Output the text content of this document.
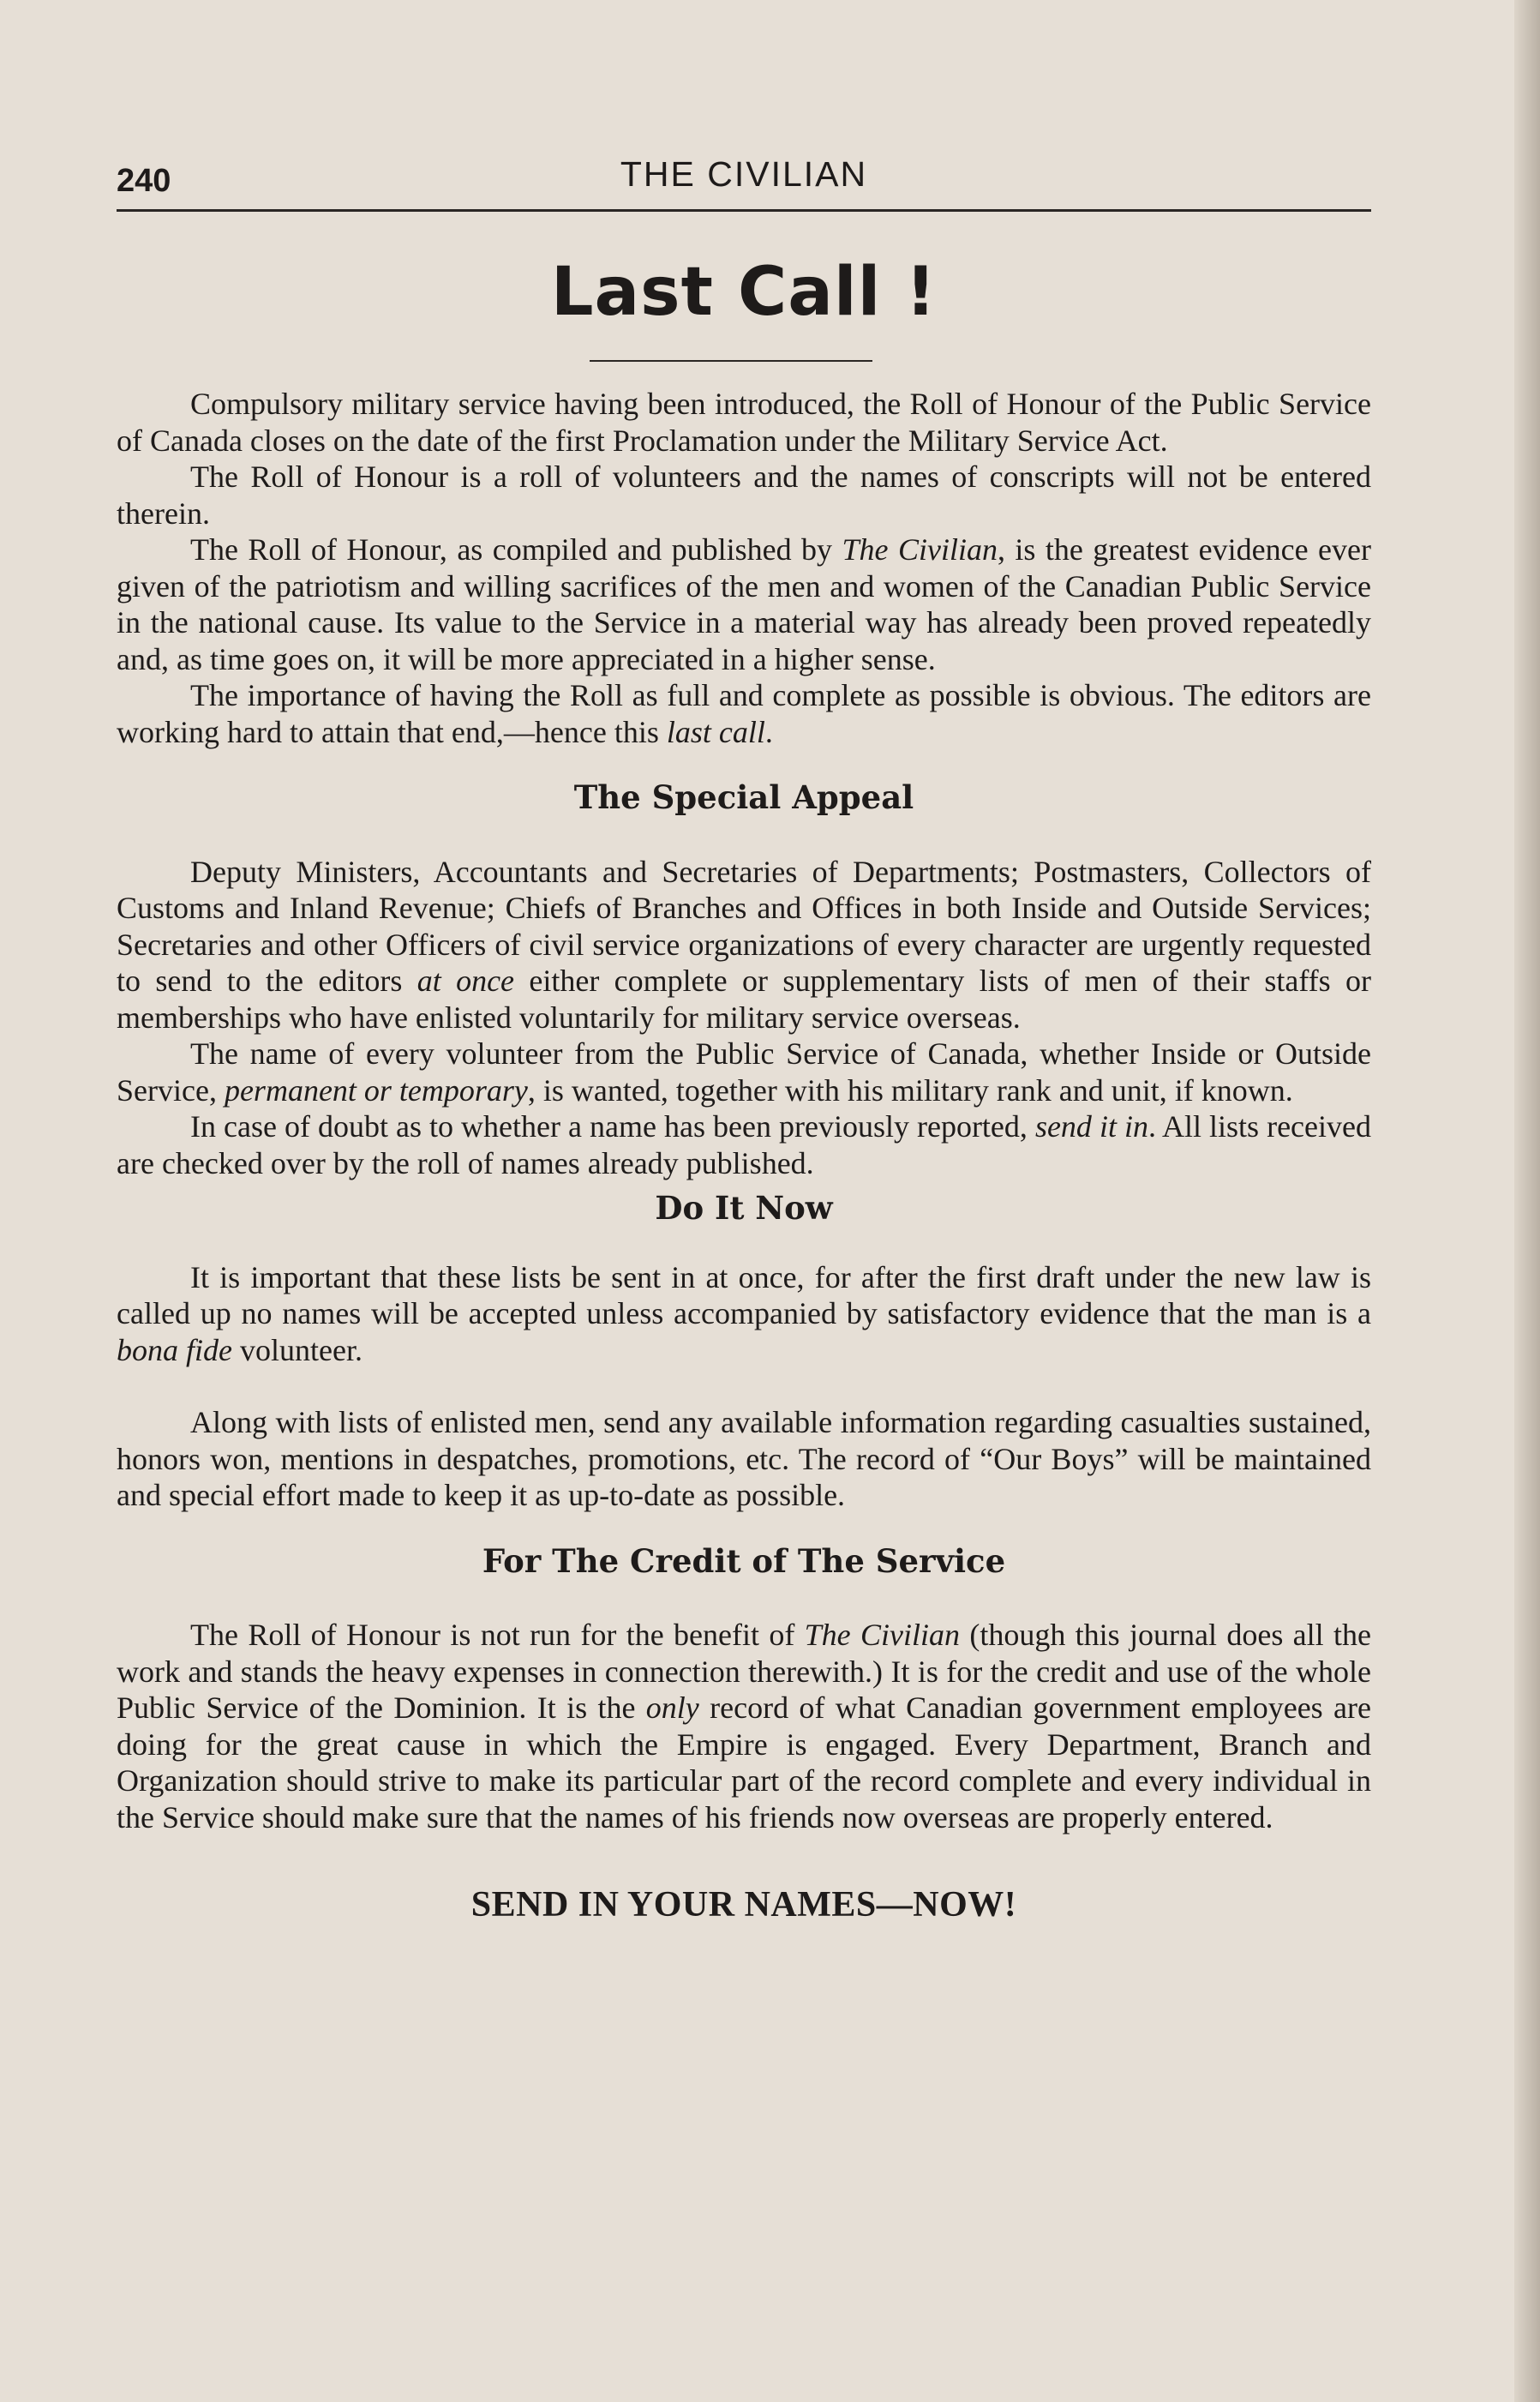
240	THE CIVILIAN
Last Call !

Compulsory military service having been introduced, the Roll of Honour of the Public Service of Canada closes on the date of the first Proclamation under the Military Service Act.

The Roll of Honour is a roll of volunteers and the names of conscripts will not be entered therein.

The Roll of Honour, as compiled and published by The Civilian, is the greatest evidence ever given of the patriotism and willing sacrifices of the men and women of the Canadian Public Service in the national cause. Its value to the Service in a material way has already been proved repeatedly and, as time goes on, it will be more appreciated in a higher sense.

The importance of having the Roll as full and complete as possible is obvious. The editors are working hard to attain that end,—hence this last call.

The Special Appeal

Deputy Ministers, Accountants and Secretaries of Departments; Postmasters, Collectors of Customs and Inland Revenue; Chiefs of Branches and Offices in both Inside and Outside Services; Secretaries and other Officers of civil service organizations of every character are urgently requested to send to the editors at once either complete or supplementary lists of men of their staffs or memberships who have enlisted voluntarily for military service overseas.

The name of every volunteer from the Public Service of Canada, whether Inside or Outside Service, permanent or temporary, is wanted, together with his military rank and unit, if known.

In case of doubt as to whether a name has been previously reported, send it in. All lists received are checked over by the roll of names already published.

Do It Now

It is important that these lists be sent in at once, for after the first draft under the new law is called up no names will be accepted unless accompanied by satisfactory evidence that the man is a bona fide volunteer.

Along with lists of enlisted men, send any available information regarding casualties sustained, honors won, mentions in despatches, promotions, etc. The record of “Our Boys” will be maintained and special effort made to keep it as up-to-date as possible.

For The Credit of The Service

The Roll of Honour is not run for the benefit of The Civilian (though this journal does all the work and stands the heavy expenses in connection therewith.) It is for the credit and use of the whole Public Service of the Dominion. It is the only record of what Canadian government employees are doing for the great cause in which the Empire is engaged. Every Department, Branch and Organization should strive to make its particular part of the record complete and every individual in the Service should make sure that the names of his friends now overseas are properly entered.

SEND IN YOUR NAMES—NOW!
